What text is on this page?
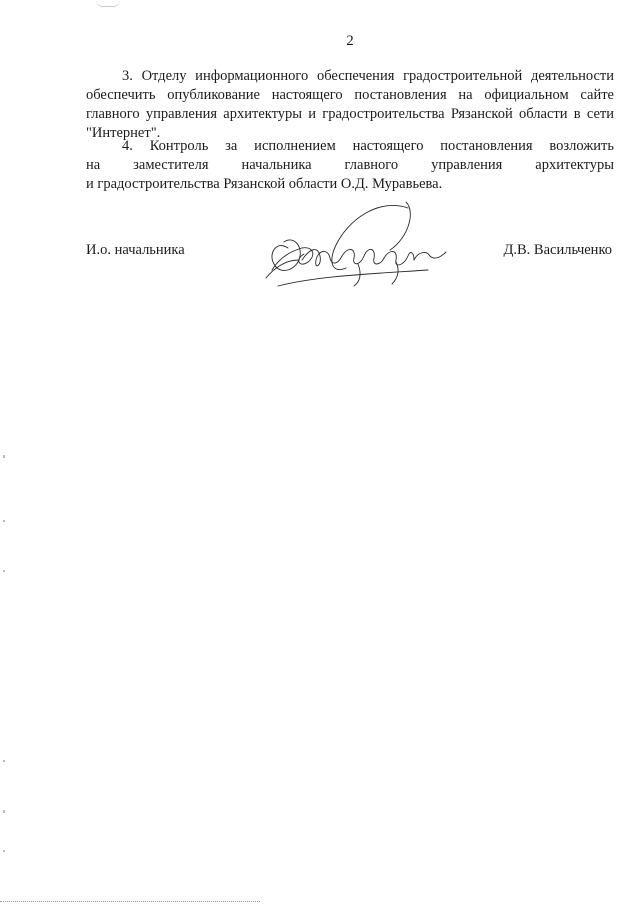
2
3. Отделу информационного обеспечения градостроительной деятельности
обеспечить опубликование настоящего постановления на официальном сайте
главного управления архитектуры и градостроительства Рязанской области в сети
"Интернет".
4. Контроль за исполнением настоящего постановления возложить
на заместителя начальника главного управления архитектуры
и градостроительства Рязанской области О.Д. Муравьева.
И.о. начальника	Д.В. Васильченко
